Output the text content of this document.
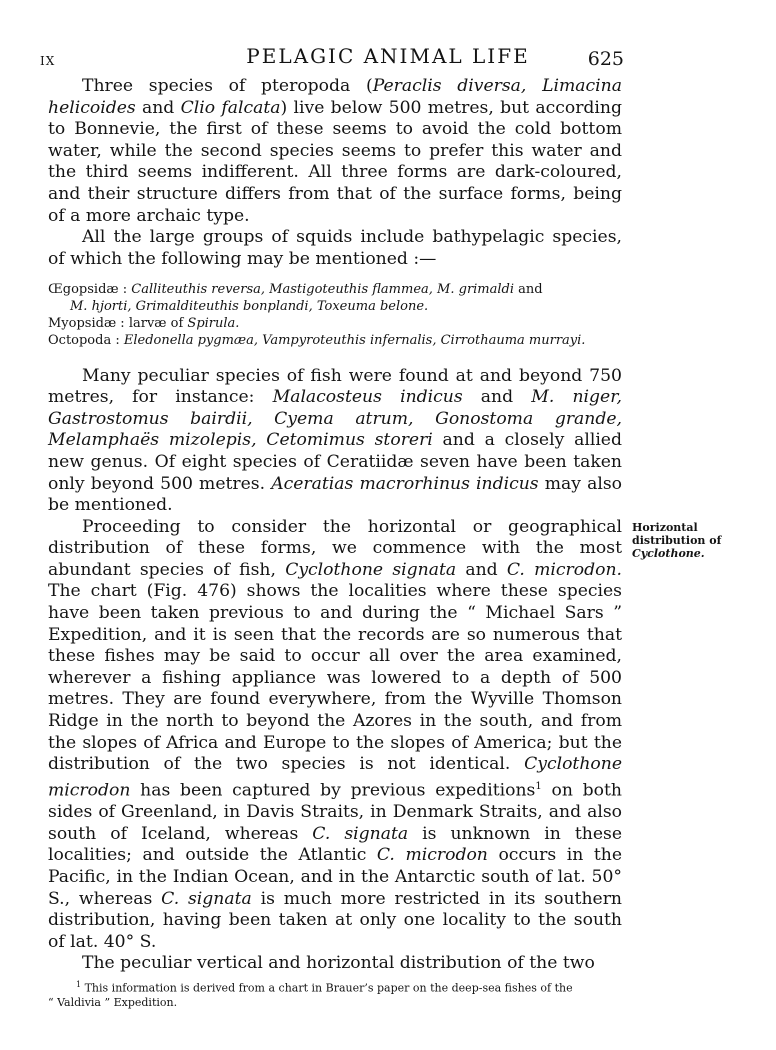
IX	PELAGIC ANIMAL LIFE	625

Three species of pteropoda (Peraclis diversa, Limacina helicoides and Clio falcata) live below 500 metres, but according to Bonnevie, the first of these seems to avoid the cold bottom water, while the second species seems to prefer this water and the third seems indifferent. All three forms are dark-coloured, and their structure differs from that of the surface forms, being of a more archaic type.

All the large groups of squids include bathypelagic species, of which the following may be mentioned :—

Œgopsidæ : Calliteuthis reversa, Mastigoteuthis flammea, M. grimaldi and
M. hjorti, Grimalditeuthis bonplandi, Toxeuma belone.
Myopsidæ : larvæ of Spirula.
Octopoda : Eledonella pygmæa, Vampyroteuthis infernalis, Cirrothauma murrayi.

Many peculiar species of fish were found at and beyond 750 metres, for instance: Malacosteus indicus and M. niger, Gastrostomus bairdii, Cyema atrum, Gonostoma grande, Melamphaës mizolepis, Cetomimus storeri and a closely allied new genus. Of eight species of Ceratiidæ seven have been taken only beyond 500 metres. Aceratias macrorhinus indicus may also be mentioned.

Proceeding to consider the horizontal or geographical distribution of these forms, we commence with the most abundant species of fish, Cyclothone signata and C. microdon. The chart (Fig. 476) shows the localities where these species have been taken previous to and during the “ Michael Sars ” Expedition, and it is seen that the records are so numerous that these fishes may be said to occur all over the area examined, wherever a fishing appliance was lowered to a depth of 500 metres. They are found everywhere, from the Wyville Thomson Ridge in the north to beyond the Azores in the south, and from the slopes of Africa and Europe to the slopes of America; but the distribution of the two species is not identical. Cyclothone microdon has been captured by previous expeditions$^1$ on both sides of Greenland, in Davis Straits, in Denmark Straits, and also south of Iceland, whereas C. signata is unknown in these localities; and outside the Atlantic C. microdon occurs in the Pacific, in the Indian Ocean, and in the Antarctic south of lat. 50° S., whereas C. signata is much more restricted in its southern distribution, having been taken at only one locality to the south of lat. 40° S.

The peculiar vertical and horizontal distribution of the two

Horizontal distribution of
Cyclothone.
$^1$ This information is derived from a chart in Brauer’s paper on the deep-sea fishes of the
“ Valdivia ” Expedition.
